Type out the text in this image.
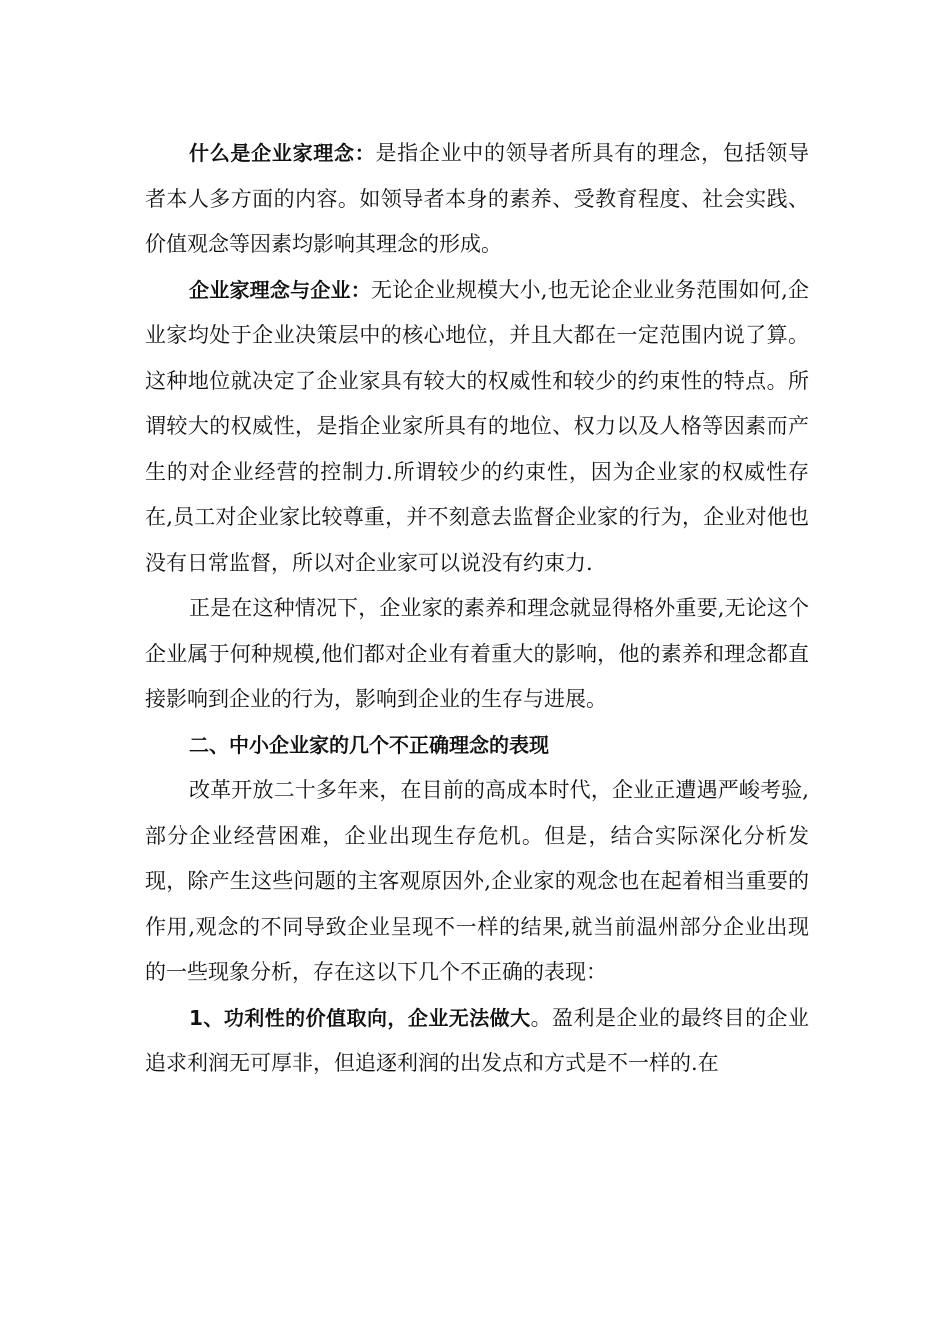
什么是企业家理念：是指企业中的领导者所具有的理念，包括领导者本人多方面的内容。如领导者本身的素养、受教育程度、社会实践、价值观念等因素均影响其理念的形成。

企业家理念与企业：无论企业规模大小,也无论企业业务范围如何,企业家均处于企业决策层中的核心地位，并且大都在一定范围内说了算。这种地位就决定了企业家具有较大的权威性和较少的约束性的特点。所谓较大的权威性，是指企业家所具有的地位、权力以及人格等因素而产生的对企业经营的控制力.所谓较少的约束性，因为企业家的权威性存在,员工对企业家比较尊重，并不刻意去监督企业家的行为，企业对他也没有日常监督，所以对企业家可以说没有约束力.

正是在这种情况下，企业家的素养和理念就显得格外重要,无论这个企业属于何种规模,他们都对企业有着重大的影响，他的素养和理念都直接影响到企业的行为，影响到企业的生存与进展。

二、中小企业家的几个不正确理念的表现

改革开放二十多年来，在目前的高成本时代，企业正遭遇严峻考验,部分企业经营困难，企业出现生存危机。但是，结合实际深化分析发现，除产生这些问题的主客观原因外,企业家的观念也在起着相当重要的作用,观念的不同导致企业呈现不一样的结果,就当前温州部分企业出现的一些现象分析，存在这以下几个不正确的表现：

1、功利性的价值取向，企业无法做大。盈利是企业的最终目的企业追求利润无可厚非，但追逐利润的出发点和方式是不一样的.在
